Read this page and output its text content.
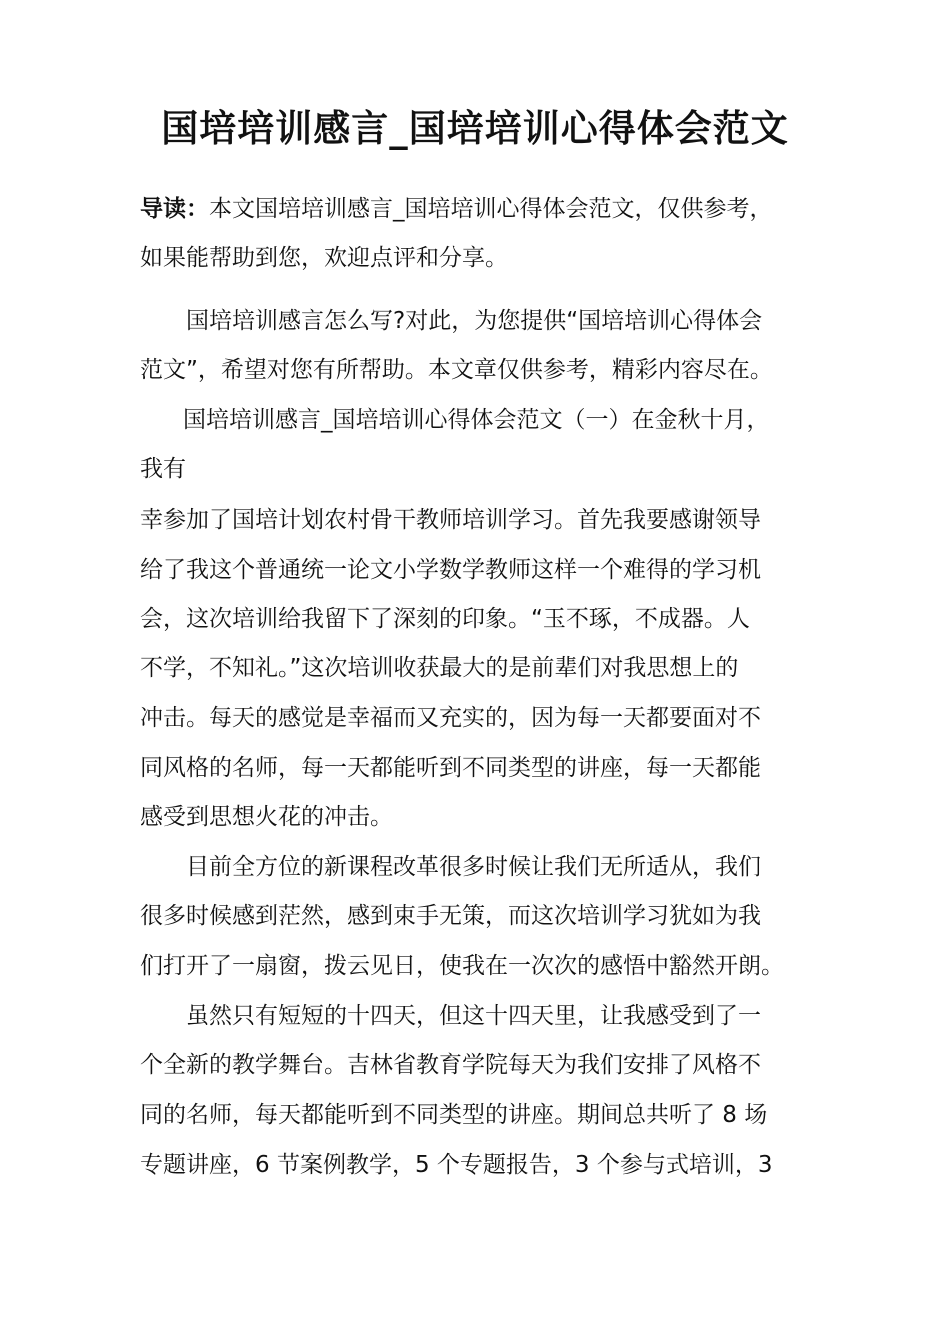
国培培训感言_国培培训心得体会范文
导读：本文国培培训感言_国培培训心得体会范文，仅供参考，
如果能帮助到您，欢迎点评和分享。
国培培训感言怎么写?对此，为您提供“国培培训心得体会
范文”，希望对您有所帮助。本文章仅供参考，精彩内容尽在。
国培培训感言_国培培训心得体会范文（一）在金秋十月，
我有
幸参加了国培计划农村骨干教师培训学习。首先我要感谢领导
给了我这个普通统一论文小学数学教师这样一个难得的学习机
会，这次培训给我留下了深刻的印象。“玉不琢，不成器。人
不学，不知礼。”这次培训收获最大的是前辈们对我思想上的
冲击。每天的感觉是幸福而又充实的，因为每一天都要面对不
同风格的名师，每一天都能听到不同类型的讲座，每一天都能
感受到思想火花的冲击。
目前全方位的新课程改革很多时候让我们无所适从，我们
很多时候感到茫然，感到束手无策，而这次培训学习犹如为我
们打开了一扇窗，拨云见日，使我在一次次的感悟中豁然开朗。
虽然只有短短的十四天，但这十四天里，让我感受到了一
个全新的教学舞台。吉林省教育学院每天为我们安排了风格不
同的名师，每天都能听到不同类型的讲座。期间总共听了 8 场
专题讲座，6 节案例教学，5 个专题报告，3 个参与式培训，3
